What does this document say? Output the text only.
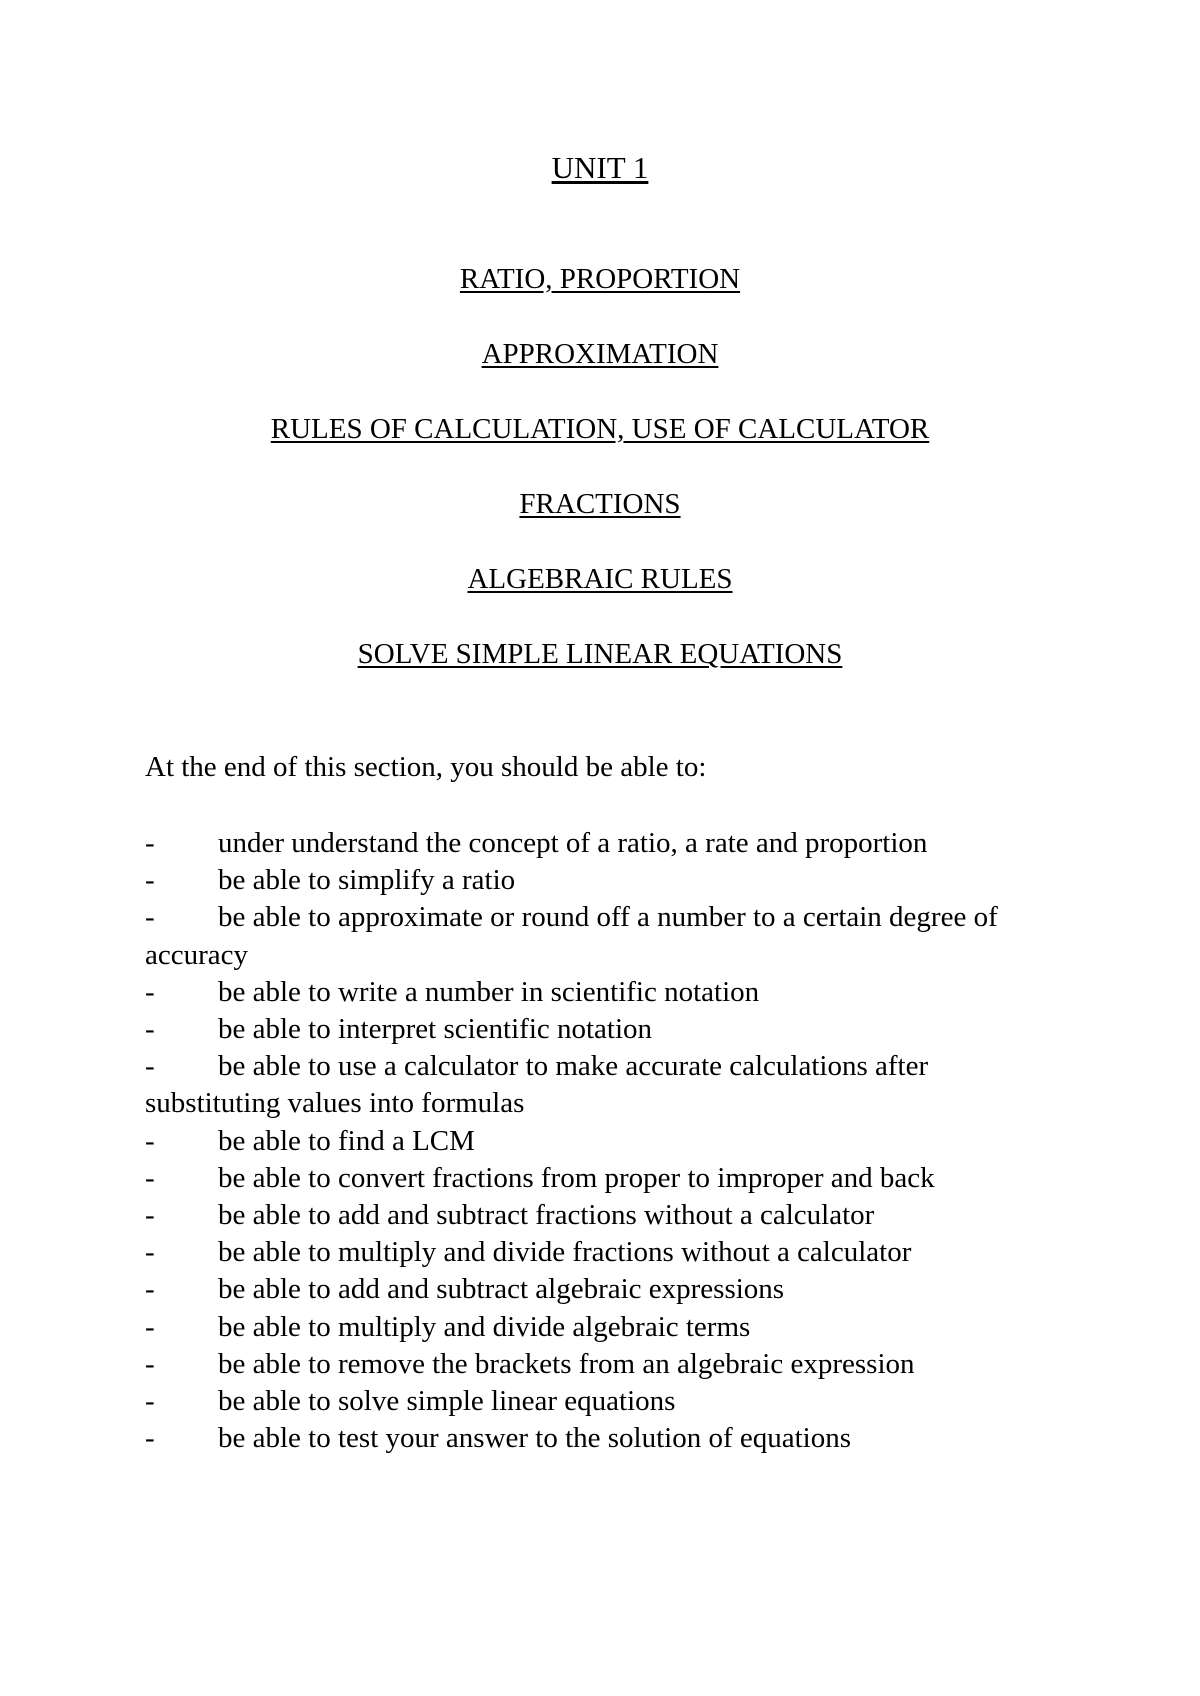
UNIT 1
RATIO, PROPORTION
APPROXIMATION
RULES OF CALCULATION, USE OF CALCULATOR
FRACTIONS
ALGEBRAIC RULES
SOLVE SIMPLE LINEAR EQUATIONS

At the end of this section, you should be able to:

- under understand the concept of a ratio, a rate and proportion
- be able to simplify a ratio
- be able to approximate or round off a number to a certain degree of accuracy
- be able to write a number in scientific notation
- be able to interpret scientific notation
- be able to use a calculator to make accurate calculations after substituting values into formulas
- be able to find a LCM
- be able to convert fractions from proper to improper and back
- be able to add and subtract fractions without a calculator
- be able to multiply and divide fractions without a calculator
- be able to add and subtract algebraic expressions
- be able to multiply and divide algebraic terms
- be able to remove the brackets from an algebraic expression
- be able to solve simple linear equations
- be able to test your answer to the solution of equations
